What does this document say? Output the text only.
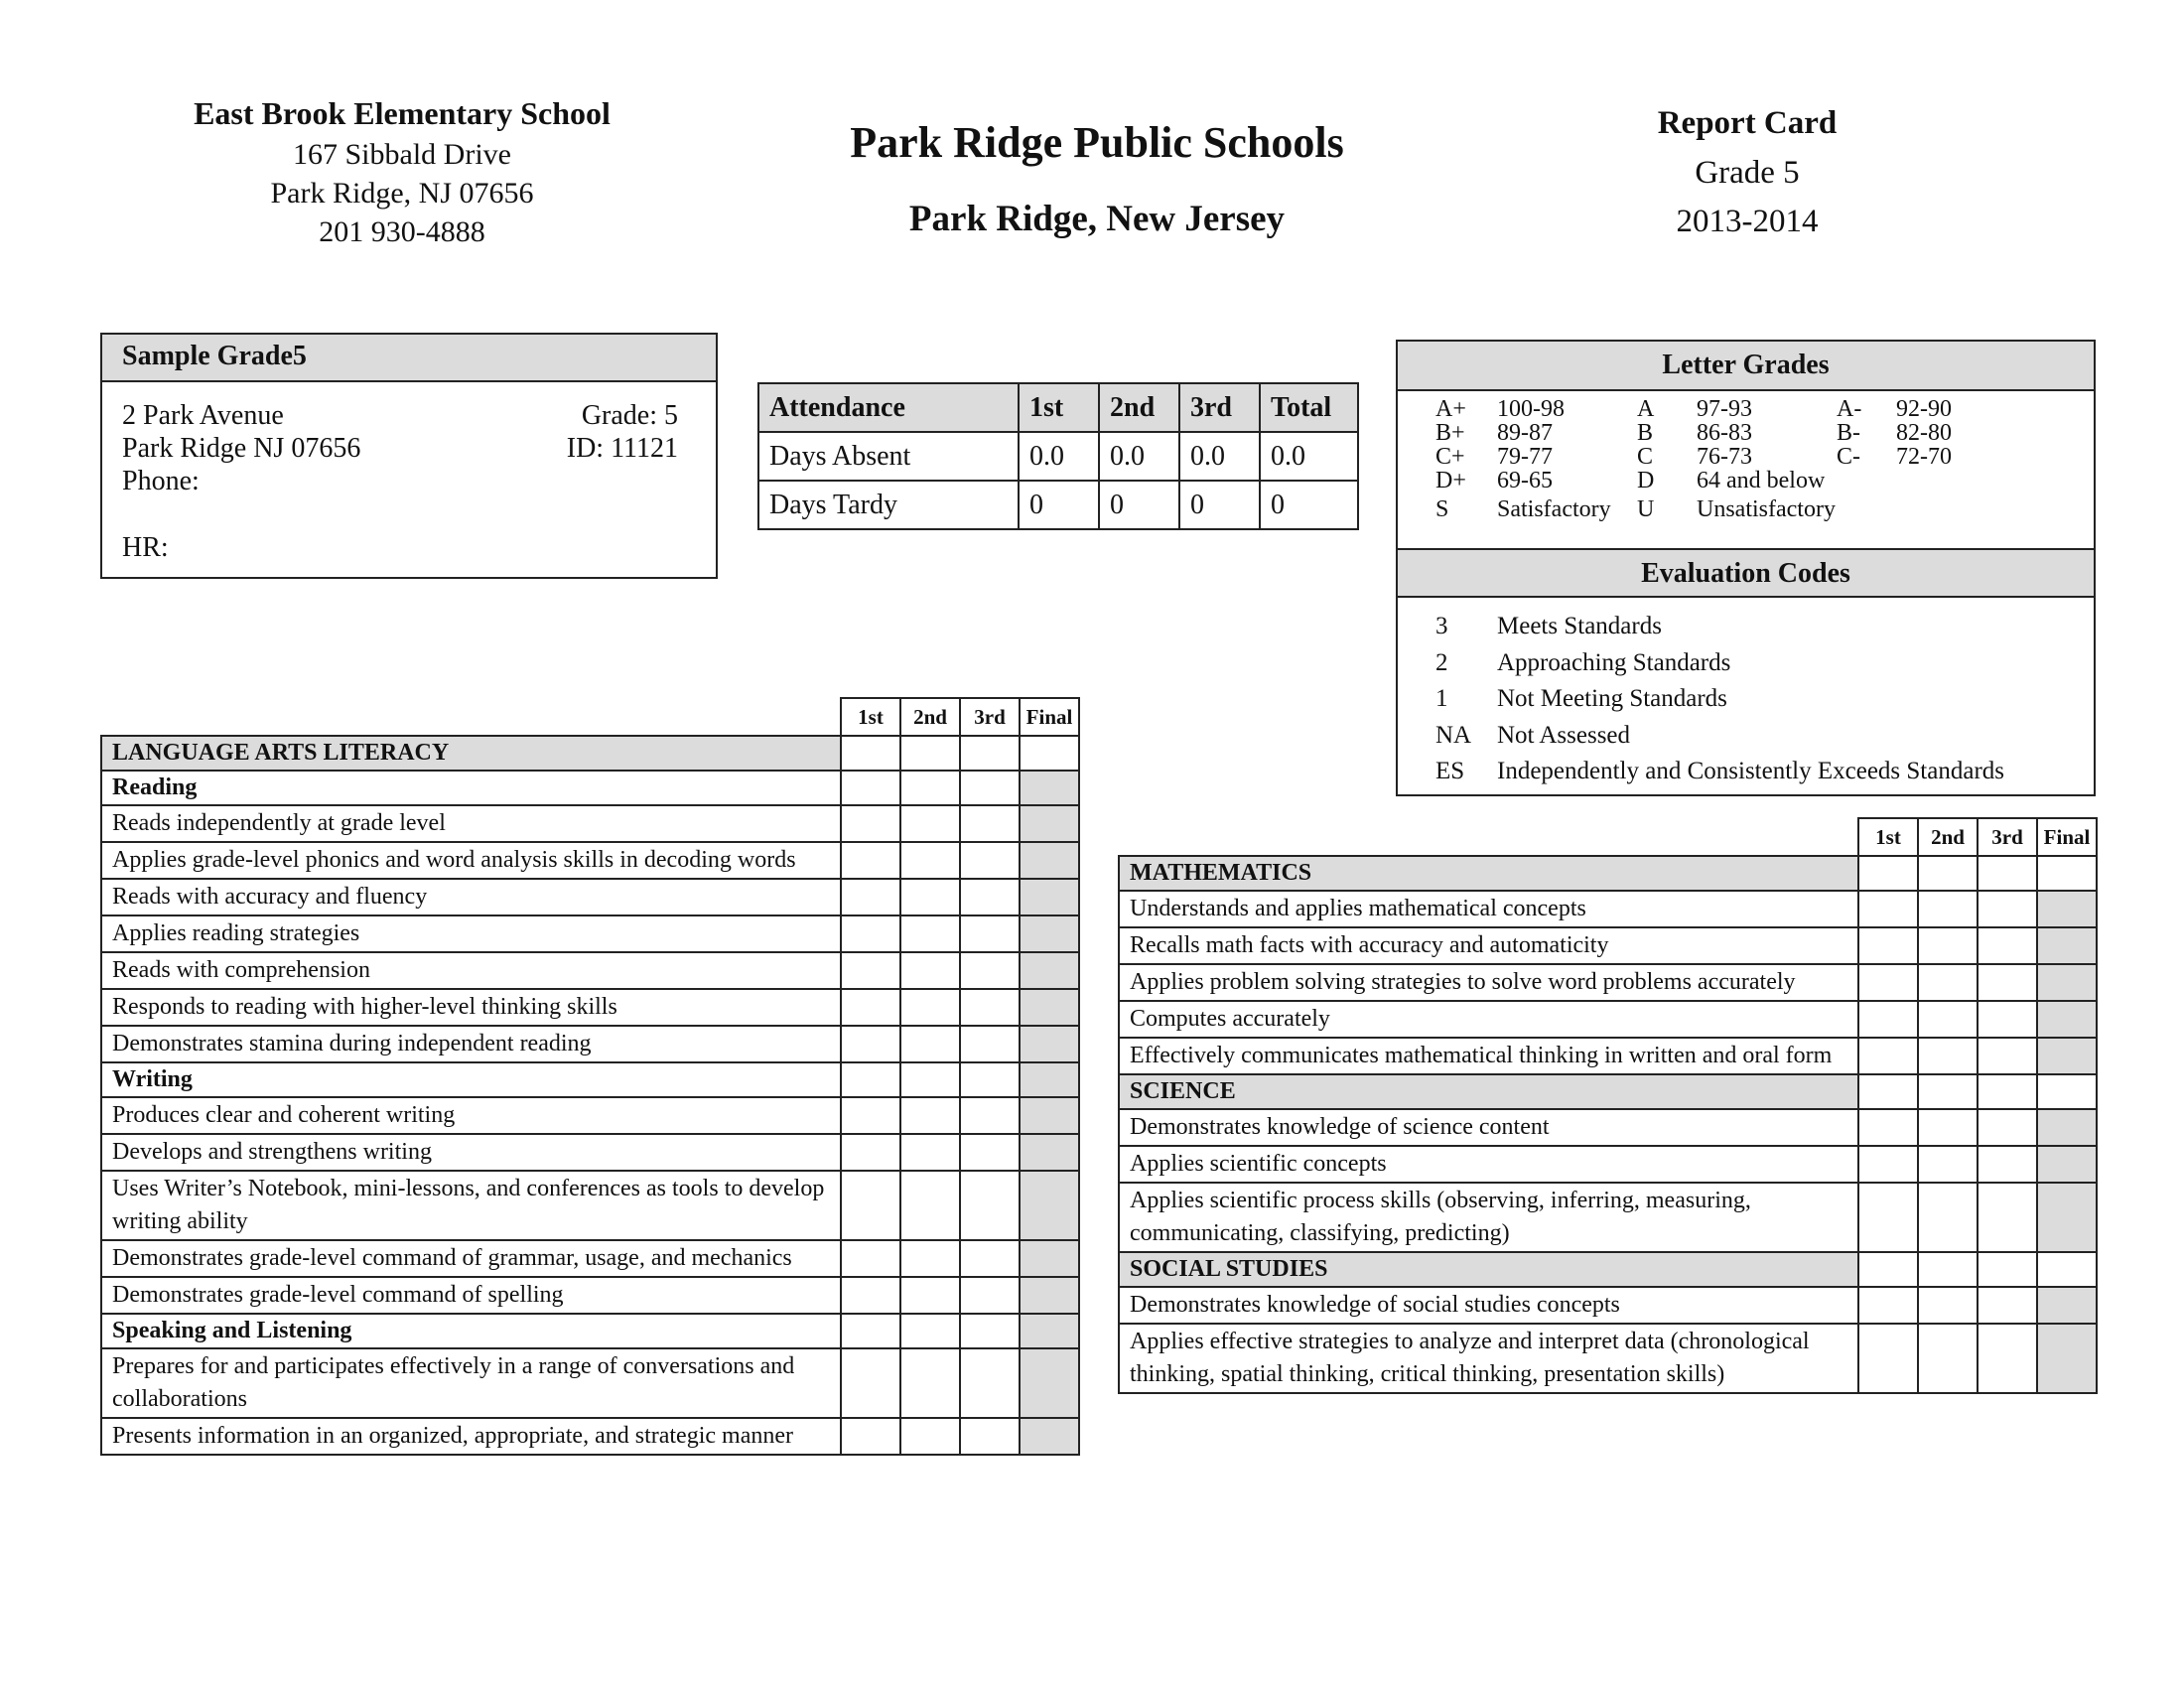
East Brook Elementary School
167 Sibbald Drive
Park Ridge, NJ 07656
201 930-4888
Park Ridge Public Schools
Park Ridge, New Jersey
Report Card
Grade 5
2013-2014
Sample Grade5
2 Park Avenue
Park Ridge NJ 07656
Phone:
HR:
Grade: 5
ID: 11121
Attendance	1st	2nd	3rd	Total
Days Absent	0.0	0.0	0.0	0.0
Days Tardy	0	0	0	0
Letter Grades
A+ 100-98	A 97-93	A- 92-90
B+ 89-87	B 86-83	B- 82-80
C+ 79-77	C 76-73	C- 72-70
D+ 69-65	D 64 and below
S Satisfactory U Unsatisfactory
Evaluation Codes
3 Meets Standards
2 Approaching Standards
1 Not Meeting Standards
NA Not Assessed
ES Independently and Consistently Exceeds Standards
	1st	2nd	3rd	Final
LANGUAGE ARTS LITERACY				
Reading				
Reads independently at grade level				
Applies grade-level phonics and word analysis skills in decoding words				
Reads with accuracy and fluency				
Applies reading strategies				
Reads with comprehension				
Responds to reading with higher-level thinking skills				
Demonstrates stamina during independent reading				
Writing				
Produces clear and coherent writing				
Develops and strengthens writing				
Uses Writer’s Notebook, mini-lessons, and conferences as tools to develop writing ability				
Demonstrates grade-level command of grammar, usage, and mechanics				
Demonstrates grade-level command of spelling				
Speaking and Listening				
Prepares for and participates effectively in a range of conversations and collaborations				
Presents information in an organized, appropriate, and strategic manner				
	1st	2nd	3rd	Final
MATHEMATICS				
Understands and applies mathematical concepts				
Recalls math facts with accuracy and automaticity				
Applies problem solving strategies to solve word problems accurately				
Computes accurately				
Effectively communicates mathematical thinking in written and oral form				
SCIENCE				
Demonstrates knowledge of science content				
Applies scientific concepts				
Applies scientific process skills (observing, inferring, measuring, communicating, classifying, predicting)				
SOCIAL STUDIES				
Demonstrates knowledge of social studies concepts				
Applies effective strategies to analyze and interpret data (chronological thinking, spatial thinking, critical thinking, presentation skills)				
